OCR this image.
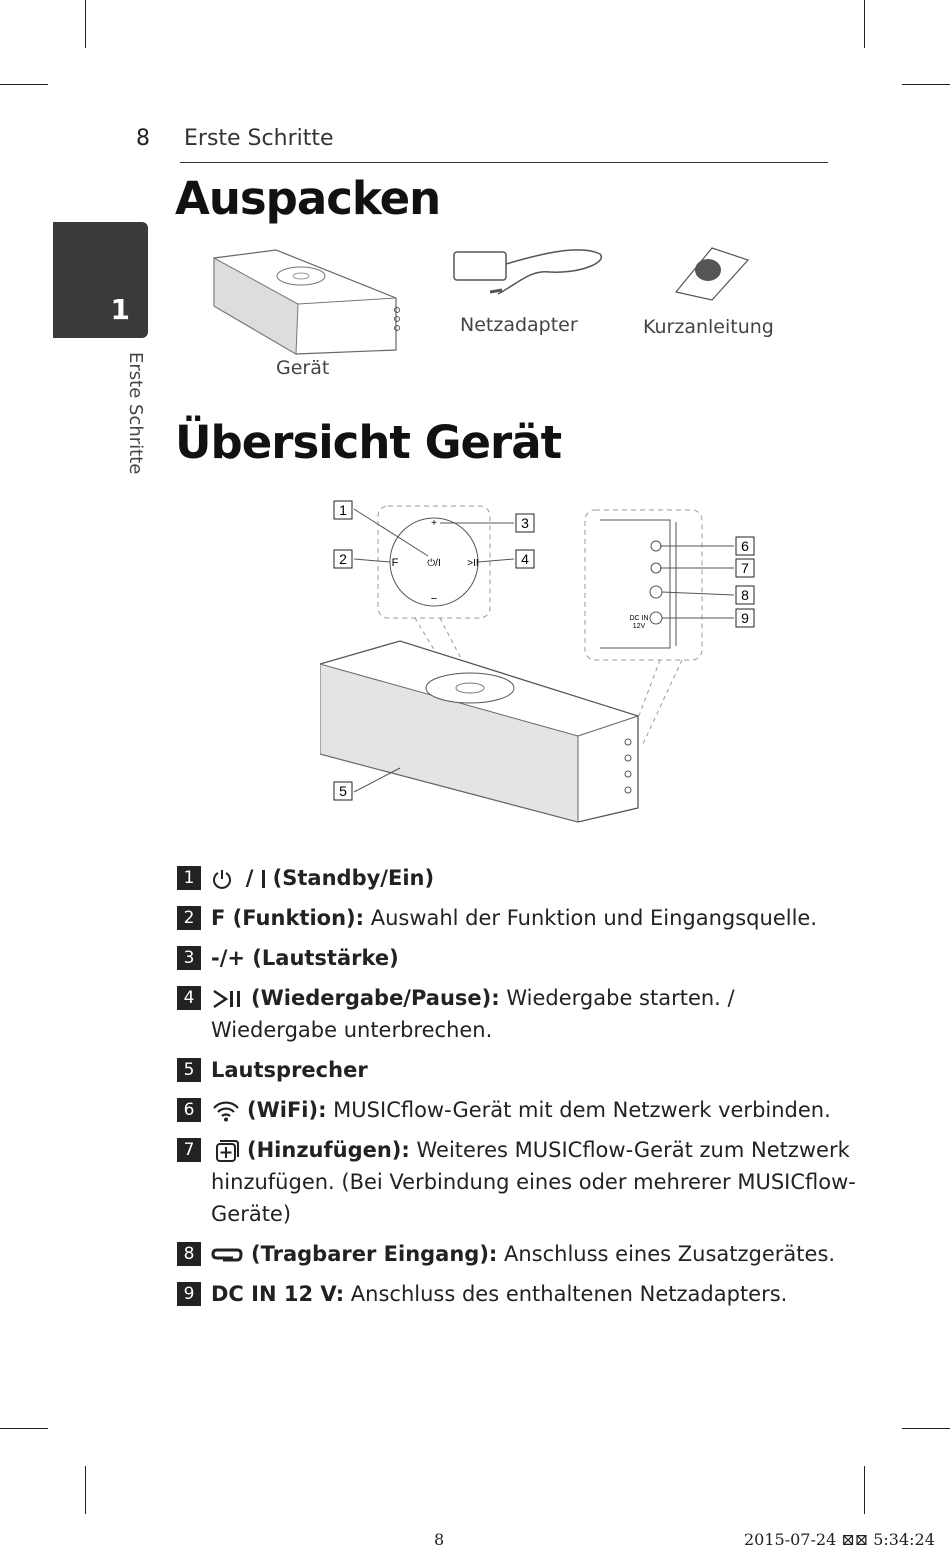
8 Erste Schritte
1
Erste Schritte
Auspacken
Gerät
Netzadapter	Kurzanleitung
Übersicht Gerät
+
F	⏻/I	>II
−
DC IN
12V
1
2
3
4
5
6
7
8
9
1	/ (Standby/Ein)
2 F (Funktion): Auswahl der Funktion und Eingangsquelle.
3 -/+ (Lautstärke)
4	(Wiedergabe/Pause): Wiedergabe starten. / Wiedergabe unterbrechen.
5 Lautsprecher
6	(WiFi): MUSICflow-Gerät mit dem Netzwerk verbinden.
7	(Hinzufügen): Weiteres MUSICflow-Gerät zum Netzwerk hinzufügen. (Bei Verbindung eines oder mehrerer MUSICflow-Geräte)
8	(Tragbarer Eingang): Anschluss eines Zusatzgerätes.
9 DC IN 12 V: Anschluss des enthaltenen Netzadapters.
8	2015-07-24 ⊠⊠ 5:34:24
